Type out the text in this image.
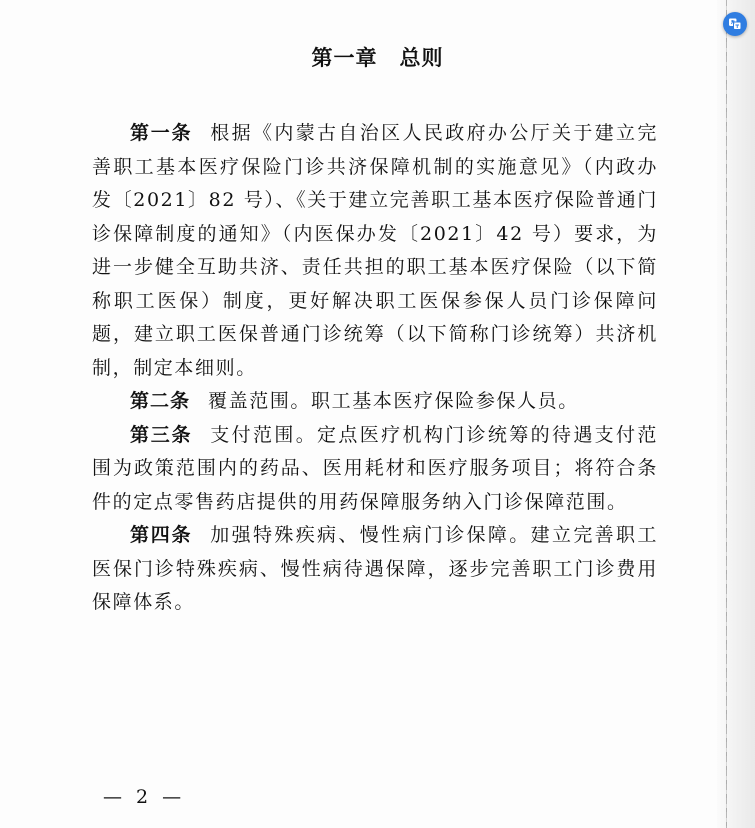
第一章 总则

第一条 根据《内蒙古自治区人民政府办公厅关于建立完善职工基本医疗保险门诊共济保障机制的实施意见》（内政办发〔2021〕82 号）、《关于建立完善职工基本医疗保险普通门诊保障制度的通知》（内医保办发〔2021〕42 号）要求，为进一步健全互助共济、责任共担的职工基本医疗保险（以下简称职工医保）制度，更好解决职工医保参保人员门诊保障问题，建立职工医保普通门诊统筹（以下简称门诊统筹）共济机制，制定本细则。

第二条 覆盖范围。职工基本医疗保险参保人员。

第三条 支付范围。定点医疗机构门诊统筹的待遇支付范围为政策范围内的药品、医用耗材和医疗服务项目；将符合条件的定点零售药店提供的用药保障服务纳入门诊保障范围。

第四条 加强特殊疾病、慢性病门诊保障。建立完善职工医保门诊特殊疾病、慢性病待遇保障，逐步完善职工门诊费用保障体系。

— 2 —
